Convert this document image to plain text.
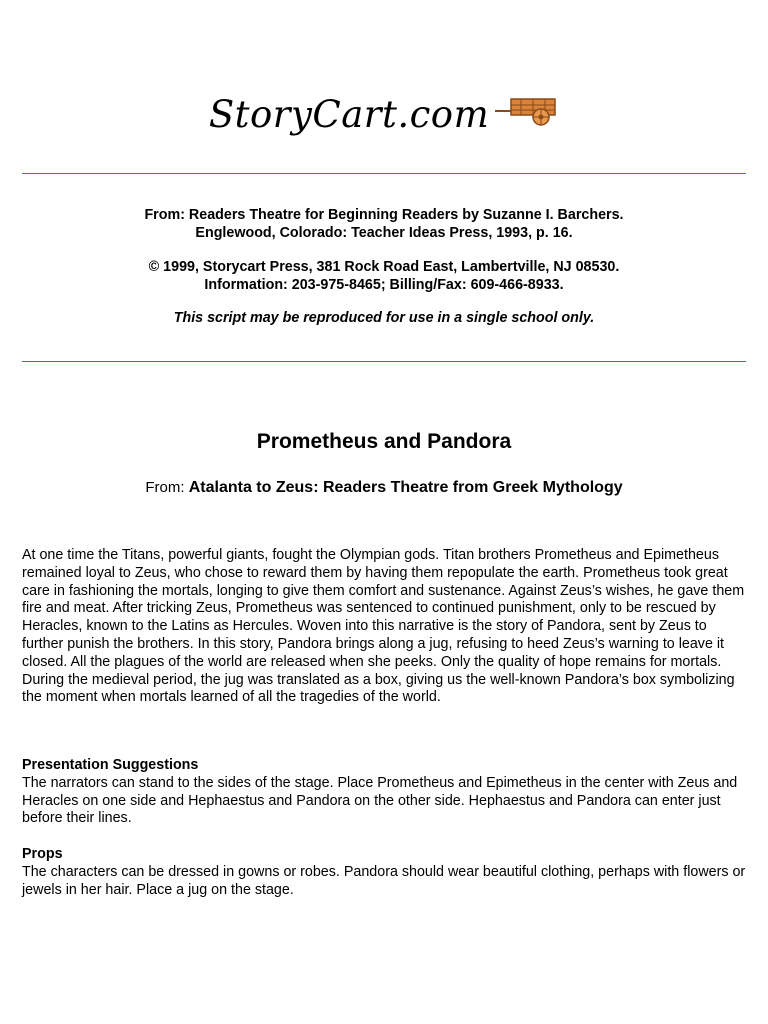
StoryCart.com
From: Readers Theatre for Beginning Readers by Suzanne I. Barchers.
Englewood, Colorado: Teacher Ideas Press, 1993, p. 16.
© 1999, Storycart Press, 381 Rock Road East, Lambertville, NJ 08530.
Information: 203-975-8465; Billing/Fax: 609-466-8933.
This script may be reproduced for use in a single school only.
Prometheus and Pandora
From: Atalanta to Zeus: Readers Theatre from Greek Mythology
At one time the Titans, powerful giants, fought the Olympian gods. Titan brothers Prometheus and Epimetheus remained loyal to Zeus, who chose to reward them by having them repopulate the earth. Prometheus took great care in fashioning the mortals, longing to give them comfort and sustenance. Against Zeus’s wishes, he gave them fire and meat. After tricking Zeus, Prometheus was sentenced to continued punishment, only to be rescued by Heracles, known to the Latins as Hercules. Woven into this narrative is the story of Pandora, sent by Zeus to further punish the brothers. In this story, Pandora brings along a jug, refusing to heed Zeus’s warning to leave it closed. All the plagues of the world are released when she peeks. Only the quality of hope remains for mortals. During the medieval period, the jug was translated as a box, giving us the well-known Pandora’s box symbolizing the moment when mortals learned of all the tragedies of the world.
Presentation Suggestions
The narrators can stand to the sides of the stage. Place Prometheus and Epimetheus in the center with Zeus and Heracles on one side and Hephaestus and Pandora on the other side. Hephaestus and Pandora can enter just before their lines.
Props
The characters can be dressed in gowns or robes. Pandora should wear beautiful clothing, perhaps with flowers or jewels in her hair. Place a jug on the stage.
